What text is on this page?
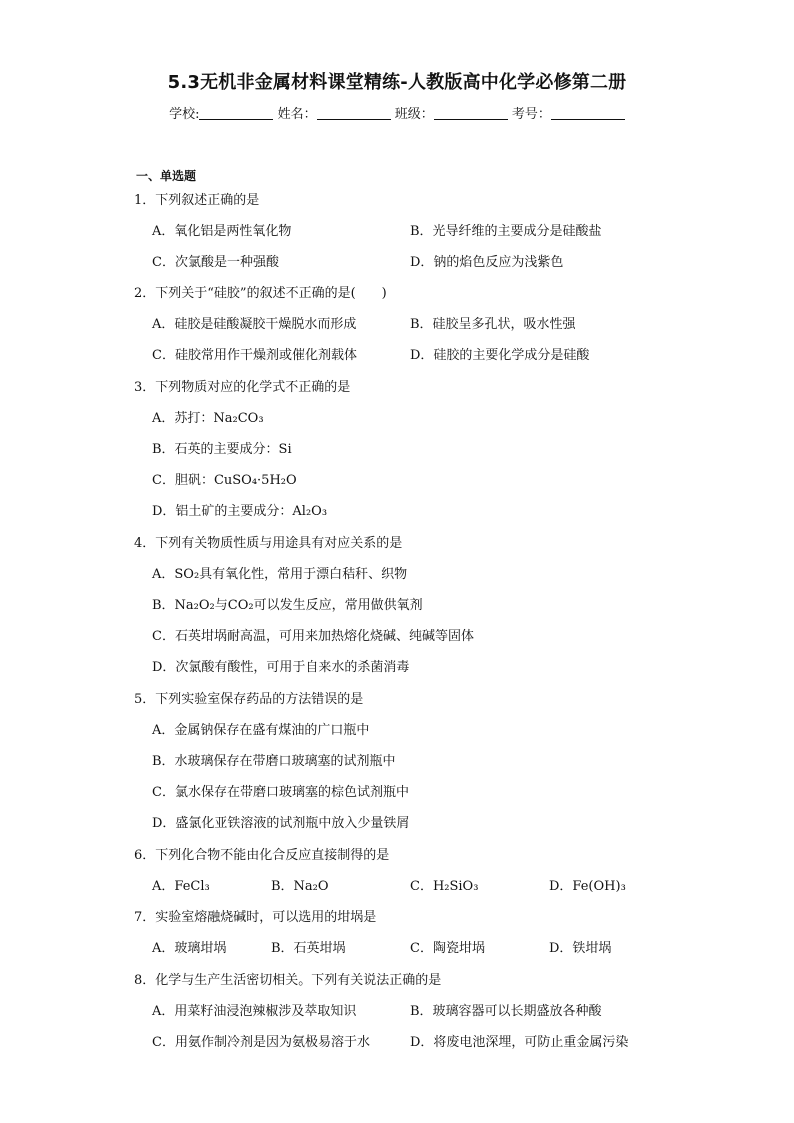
5.3无机非金属材料课堂精练-人教版高中化学必修第二册
学校:	姓名：	班级：	考号：
一、单选题
1．下列叙述正确的是
A．氧化铝是两性氧化物	B．光导纤维的主要成分是硅酸盐
C．次氯酸是一种强酸	D．钠的焰色反应为浅紫色
2．下列关于“硅胶”的叙述不正确的是(　　)
A．硅胶是硅酸凝胶干燥脱水而形成	B．硅胶呈多孔状，吸水性强
C．硅胶常用作干燥剂或催化剂载体	D．硅胶的主要化学成分是硅酸
3．下列物质对应的化学式不正确的是
A．苏打：Na₂CO₃
B．石英的主要成分：Si
C．胆矾：CuSO₄·5H₂O
D．铝土矿的主要成分：Al₂O₃
4．下列有关物质性质与用途具有对应关系的是
A．SO₂具有氧化性，常用于漂白秸秆、织物
B．Na₂O₂与CO₂可以发生反应，常用做供氧剂
C．石英坩埚耐高温，可用来加热熔化烧碱、纯碱等固体
D．次氯酸有酸性，可用于自来水的杀菌消毒
5．下列实验室保存药品的方法错误的是
A．金属钠保存在盛有煤油的广口瓶中
B．水玻璃保存在带磨口玻璃塞的试剂瓶中
C．氯水保存在带磨口玻璃塞的棕色试剂瓶中
D．盛氯化亚铁溶液的试剂瓶中放入少量铁屑
6．下列化合物不能由化合反应直接制得的是
A．FeCl₃	B．Na₂O	C．H₂SiO₃	D．Fe(OH)₃
7．实验室熔融烧碱时，可以选用的坩埚是
A．玻璃坩埚	B．石英坩埚	C．陶瓷坩埚	D．铁坩埚
8．化学与生产生活密切相关。下列有关说法正确的是
A．用菜籽油浸泡辣椒涉及萃取知识	B．玻璃容器可以长期盛放各种酸
C．用氨作制冷剂是因为氨极易溶于水	D．将废电池深埋，可防止重金属污染
